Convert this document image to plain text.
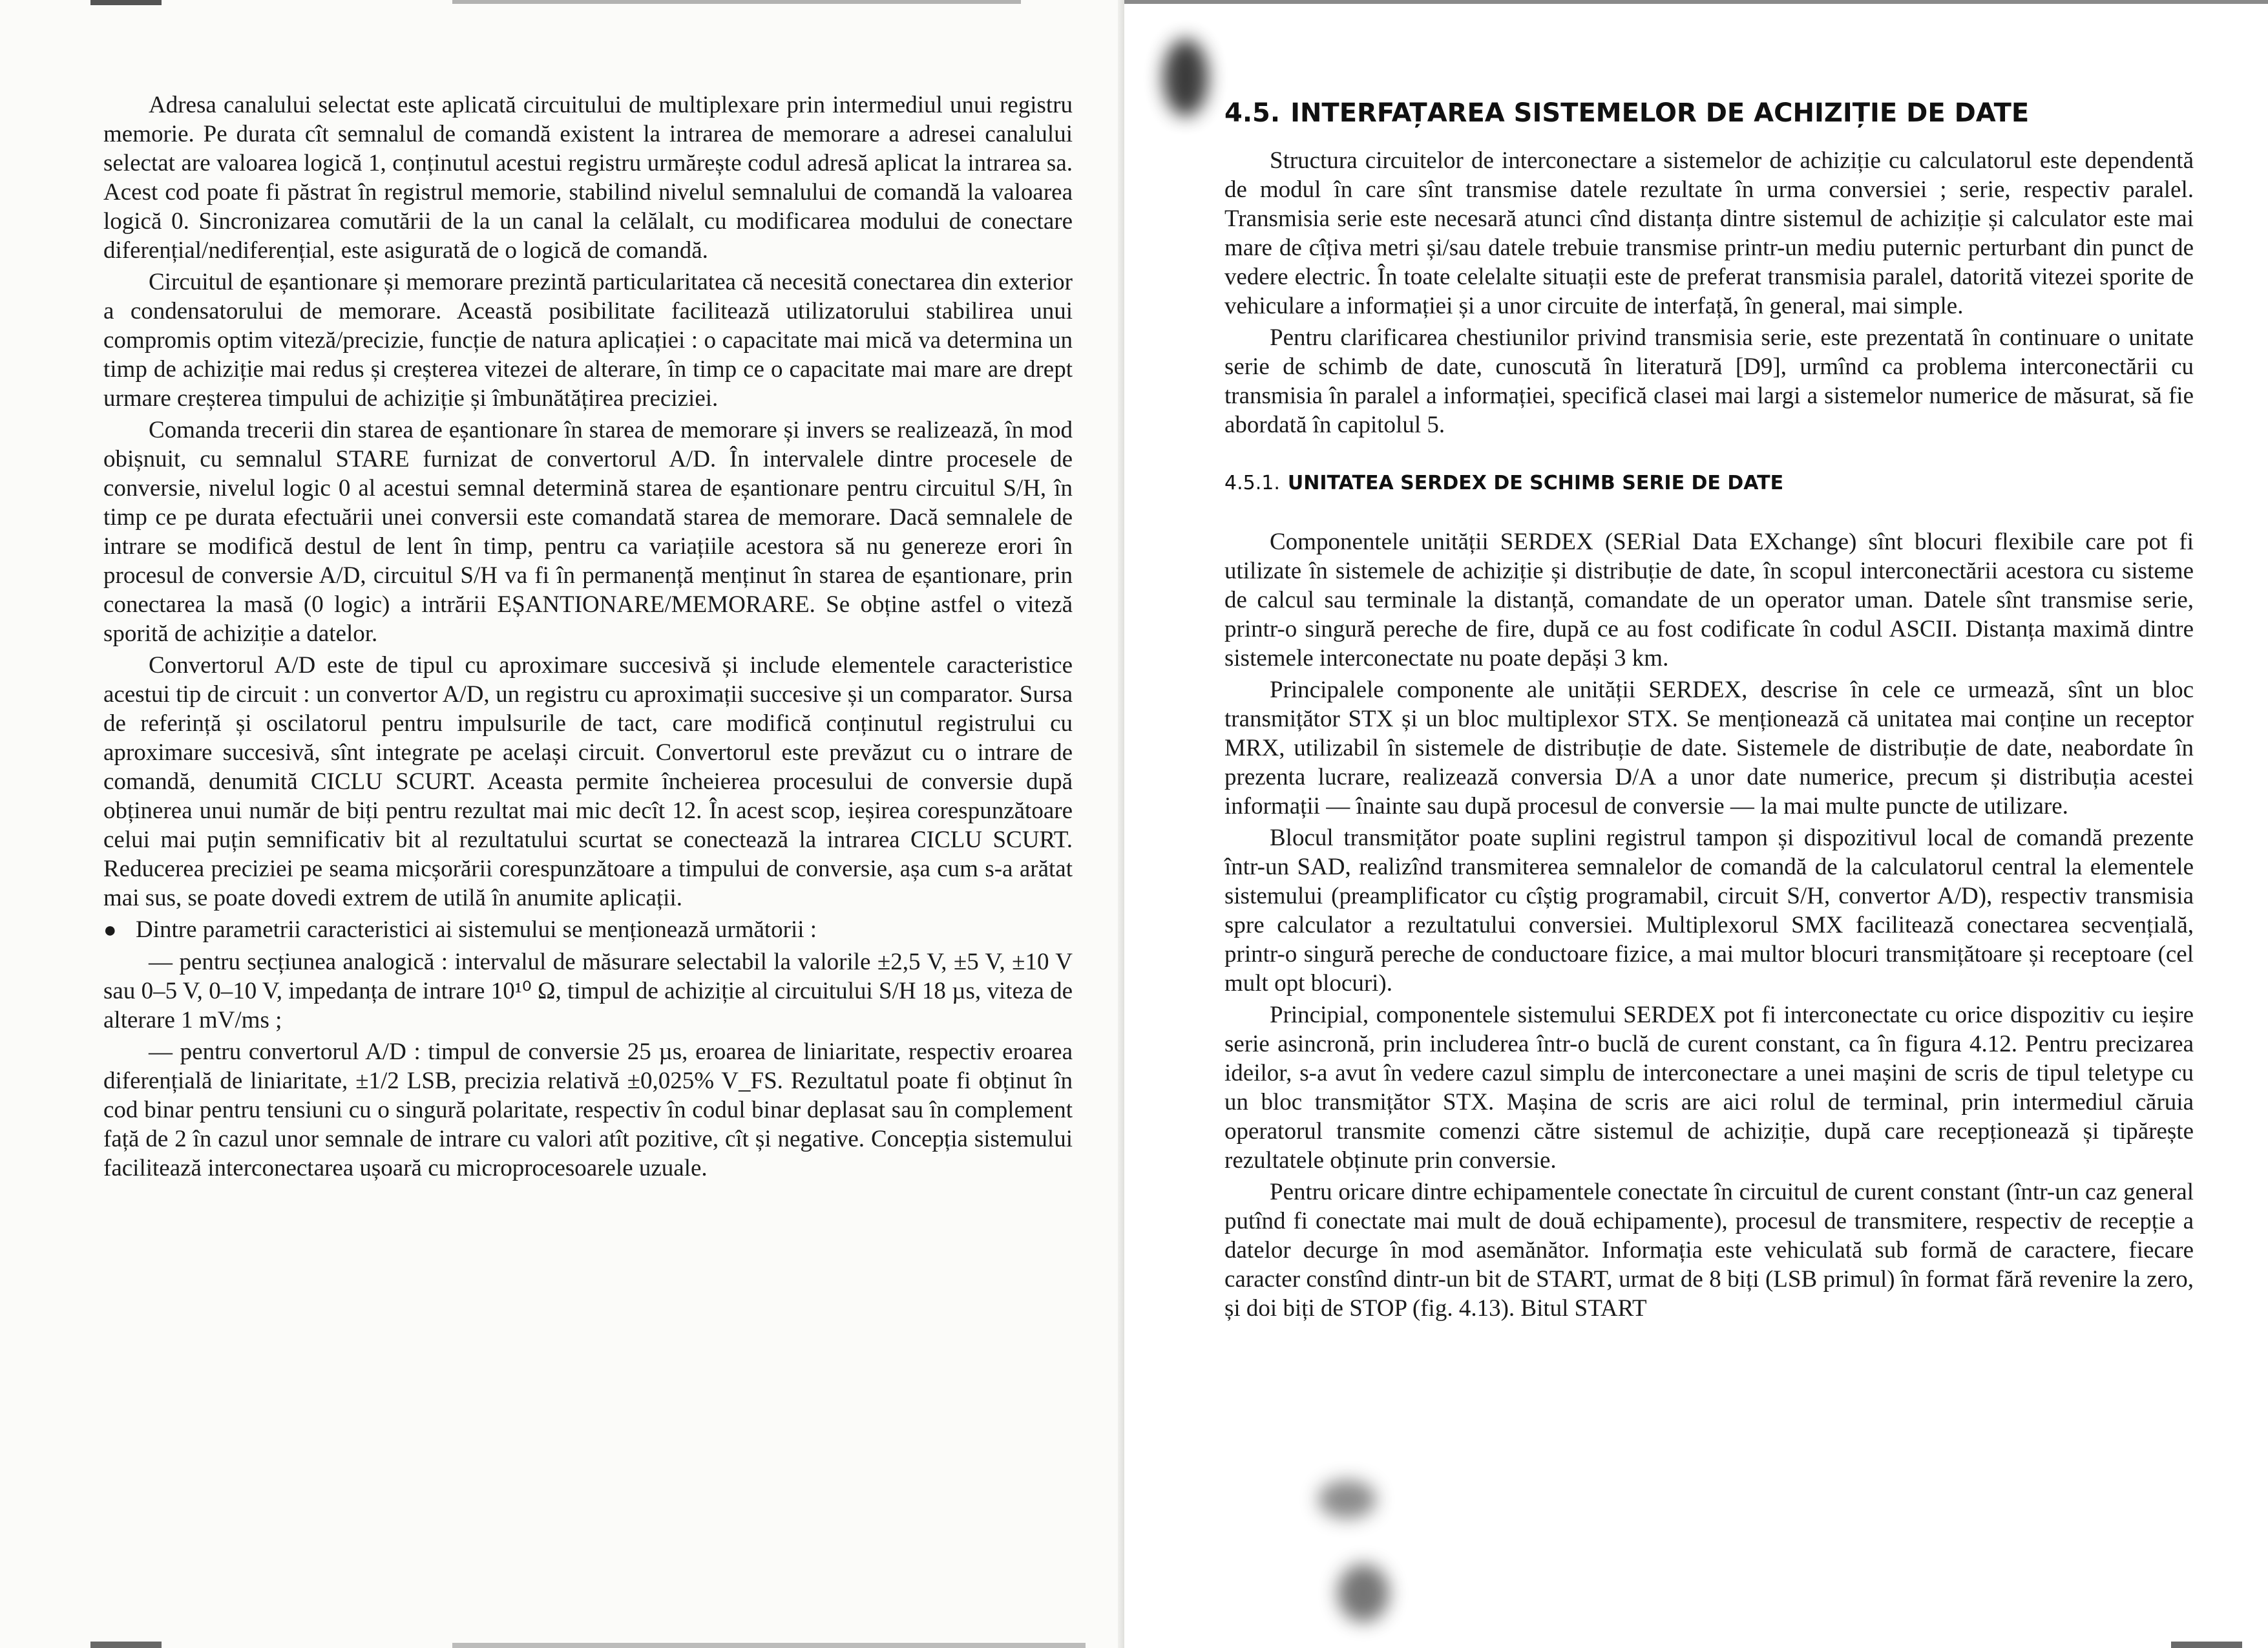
Adresa canalului selectat este aplicată circuitului de multiplexare prin intermediul unui registru memorie. Pe durata cît semnalul de comandă existent la intrarea de memorare a adresei canalului selectat are valoarea logică 1, conținutul acestui registru urmărește codul adresă aplicat la intrarea sa. Acest cod poate fi păstrat în registrul memorie, stabilind nivelul semnalului de comandă la valoarea logică 0. Sincronizarea comutării de la un canal la celălalt, cu modificarea modului de conectare diferențial/nediferențial, este asigurată de o logică de comandă.

Circuitul de eșantionare și memorare prezintă particularitatea că necesită conectarea din exterior a condensatorului de memorare. Această posibilitate facilitează utilizatorului stabilirea unui compromis optim viteză/precizie, funcție de natura aplicației : o capacitate mai mică va determina un timp de achiziție mai redus și creșterea vitezei de alterare, în timp ce o capacitate mai mare are drept urmare creșterea timpului de achiziție și îmbunătățirea preciziei.

Comanda trecerii din starea de eșantionare în starea de memorare și invers se realizează, în mod obișnuit, cu semnalul STARE furnizat de convertorul A/D. În intervalele dintre procesele de conversie, nivelul logic 0 al acestui semnal determină starea de eșantionare pentru circuitul S/H, în timp ce pe durata efectuării unei conversii este comandată starea de memorare. Dacă semnalele de intrare se modifică destul de lent în timp, pentru ca variațiile acestora să nu genereze erori în procesul de conversie A/D, circuitul S/H va fi în permanență menținut în starea de eșantionare, prin conectarea la masă (0 logic) a intrării EȘANTIONARE/MEMORARE. Se obține astfel o viteză sporită de achiziție a datelor.

Convertorul A/D este de tipul cu aproximare succesivă și include elementele caracteristice acestui tip de circuit : un convertor A/D, un registru cu aproximații succesive și un comparator. Sursa de referință și oscilatorul pentru impulsurile de tact, care modifică conținutul registrului cu aproximare succesivă, sînt integrate pe același circuit. Convertorul este prevăzut cu o intrare de comandă, denumită CICLU SCURT. Aceasta permite încheierea procesului de conversie după obținerea unui număr de biți pentru rezultat mai mic decît 12. În acest scop, ieșirea corespunzătoare celui mai puțin semnificativ bit al rezultatului scurtat se conectează la intrarea CICLU SCURT. Reducerea preciziei pe seama micșorării corespunzătoare a timpului de conversie, așa cum s-a arătat mai sus, se poate dovedi extrem de utilă în anumite aplicații.

● Dintre parametrii caracteristici ai sistemului se menționează următorii :

— pentru secțiunea analogică : intervalul de măsurare selectabil la valorile ±2,5 V, ±5 V, ±10 V sau 0–5 V, 0–10 V, impedanța de intrare 10¹⁰ Ω, timpul de achiziție al circuitului S/H 18 µs, viteza de alterare 1 mV/ms ;

— pentru convertorul A/D : timpul de conversie 25 µs, eroarea de liniaritate, respectiv eroarea diferențială de liniaritate, ±1/2 LSB, precizia relativă ±0,025% V_FS. Rezultatul poate fi obținut în cod binar pentru tensiuni cu o singură polaritate, respectiv în codul binar deplasat sau în complement față de 2 în cazul unor semnale de intrare cu valori atît pozitive, cît și negative. Concepția sistemului facilitează interconectarea ușoară cu microprocesoarele uzuale.

4.5. INTERFAȚAREA SISTEMELOR DE ACHIZIȚIE DE DATE

Structura circuitelor de interconectare a sistemelor de achiziție cu calculatorul este dependentă de modul în care sînt transmise datele rezultate în urma conversiei ; serie, respectiv paralel. Transmisia serie este necesară atunci cînd distanța dintre sistemul de achiziție și calculator este mai mare de cîțiva metri și/sau datele trebuie transmise printr-un mediu puternic perturbant din punct de vedere electric. În toate celelalte situații este de preferat transmisia paralel, datorită vitezei sporite de vehiculare a informației și a unor circuite de interfață, în general, mai simple.

Pentru clarificarea chestiunilor privind transmisia serie, este prezentată în continuare o unitate serie de schimb de date, cunoscută în literatură [D9], urmînd ca problema interconectării cu transmisia în paralel a informației, specifică clasei mai largi a sistemelor numerice de măsurat, să fie abordată în capitolul 5.

4.5.1. UNITATEA SERDEX DE SCHIMB SERIE DE DATE

Componentele unității SERDEX (SERial Data EXchange) sînt blocuri flexibile care pot fi utilizate în sistemele de achiziție și distribuție de date, în scopul interconectării acestora cu sisteme de calcul sau terminale la distanță, comandate de un operator uman. Datele sînt transmise serie, printr-o singură pereche de fire, după ce au fost codificate în codul ASCII. Distanța maximă dintre sistemele interconectate nu poate depăși 3 km.

Principalele componente ale unității SERDEX, descrise în cele ce urmează, sînt un bloc transmițător STX și un bloc multiplexor STX. Se menționează că unitatea mai conține un receptor MRX, utilizabil în sistemele de distribuție de date. Sistemele de distribuție de date, neabordate în prezenta lucrare, realizează conversia D/A a unor date numerice, precum și distribuția acestei informații — înainte sau după procesul de conversie — la mai multe puncte de utilizare.

Blocul transmițător poate suplini registrul tampon și dispozitivul local de comandă prezente într-un SAD, realizînd transmiterea semnalelor de comandă de la calculatorul central la elementele sistemului (preamplificator cu cîștig programabil, circuit S/H, convertor A/D), respectiv transmisia spre calculator a rezultatului conversiei. Multiplexorul SMX facilitează conectarea secvențială, printr-o singură pereche de conductoare fizice, a mai multor blocuri transmițătoare și receptoare (cel mult opt blocuri).

Principial, componentele sistemului SERDEX pot fi interconectate cu orice dispozitiv cu ieșire serie asincronă, prin includerea într-o buclă de curent constant, ca în figura 4.12. Pentru precizarea ideilor, s-a avut în vedere cazul simplu de interconectare a unei mașini de scris de tipul teletype cu un bloc transmițător STX. Mașina de scris are aici rolul de terminal, prin intermediul căruia operatorul transmite comenzi către sistemul de achiziție, după care recepționează și tipărește rezultatele obținute prin conversie.

Pentru oricare dintre echipamentele conectate în circuitul de curent constant (într-un caz general putînd fi conectate mai mult de două echipamente), procesul de transmitere, respectiv de recepție a datelor decurge în mod asemănător. Informația este vehiculată sub formă de caractere, fiecare caracter constînd dintr-un bit de START, urmat de 8 biți (LSB primul) în format fără revenire la zero, și doi biți de STOP (fig. 4.13). Bitul START
